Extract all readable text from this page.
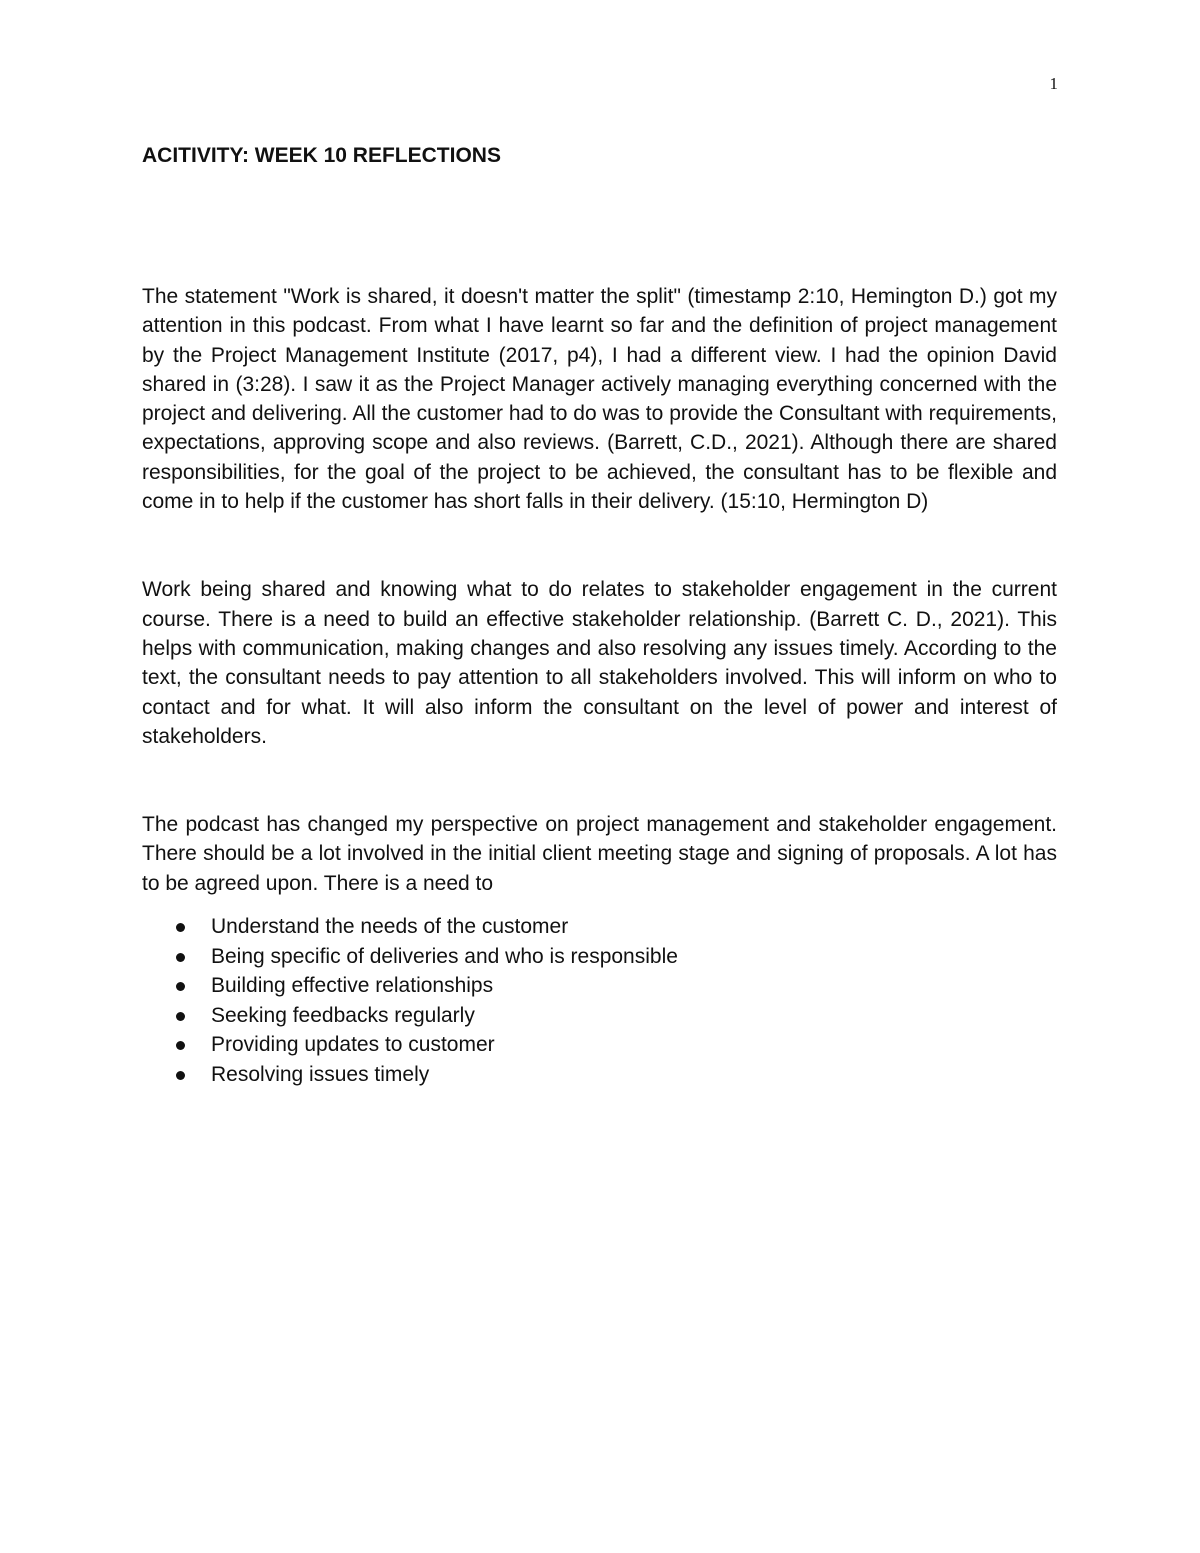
1
ACITIVITY: WEEK 10 REFLECTIONS

The statement "Work is shared, it doesn't matter the split" (timestamp 2:10, Hemington D.) got my attention in this podcast. From what I have learnt so far and the definition of project management by the Project Management Institute (2017, p4), I had a different view. I had the opinion David shared in (3:28). I saw it as the Project Manager actively managing everything concerned with the project and delivering. All the customer had to do was to provide the Consultant with requirements, expectations, approving scope and also reviews. (Barrett, C.D., 2021). Although there are shared responsibilities, for the goal of the project to be achieved, the consultant has to be flexible and come in to help if the customer has short falls in their delivery. (15:10, Hermington D)

Work being shared and knowing what to do relates to stakeholder engagement in the current course. There is a need to build an effective stakeholder relationship. (Barrett C. D., 2021). This helps with communication, making changes and also resolving any issues timely. According to the text, the consultant needs to pay attention to all stakeholders involved. This will inform on who to contact and for what. It will also inform the consultant on the level of power and interest of stakeholders.

The podcast has changed my perspective on project management and stakeholder engagement. There should be a lot involved in the initial client meeting stage and signing of proposals. A lot has to be agreed upon. There is a need to

Understand the needs of the customer
Being specific of deliveries and who is responsible
Building effective relationships
Seeking feedbacks regularly
Providing updates to customer
Resolving issues timely
